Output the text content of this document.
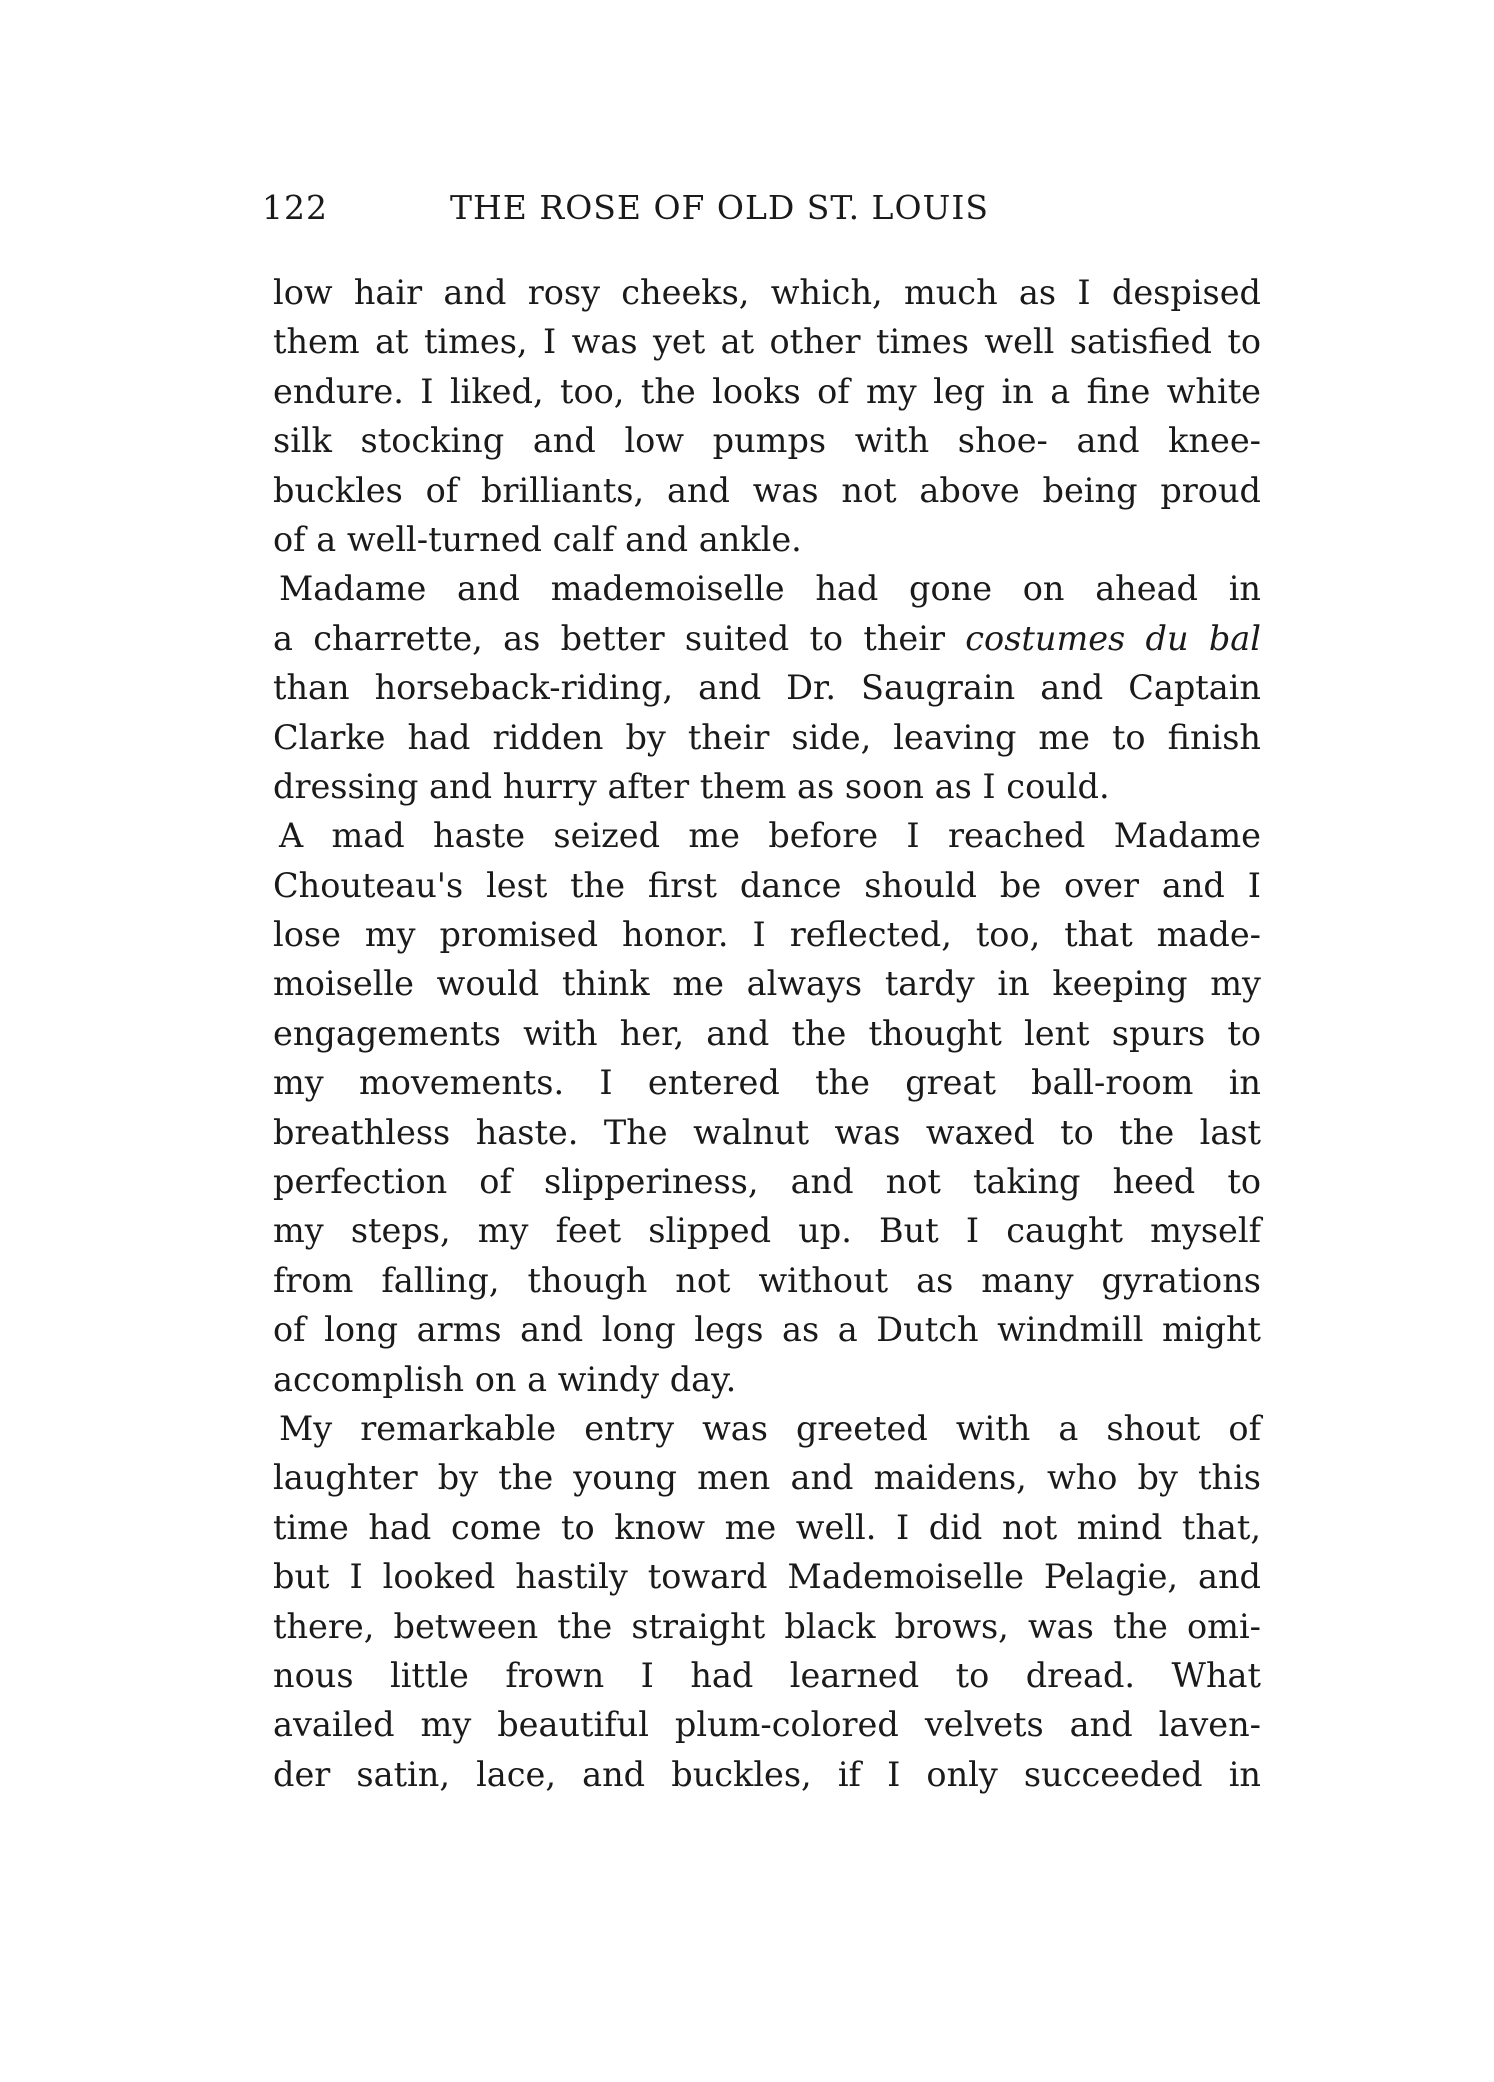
122	THE ROSE OF OLD ST. LOUIS
low hair and rosy cheeks, which, much as I despised
them at times, I was yet at other times well satisfied to
endure. I liked, too, the looks of my leg in a fine white
silk stocking and low pumps with shoe- and knee-
buckles of brilliants, and was not above being proud
of a well-turned calf and ankle.
Madame and mademoiselle had gone on ahead in
a charrette, as better suited to their costumes du bal
than horseback-riding, and Dr. Saugrain and Captain
Clarke had ridden by their side, leaving me to finish
dressing and hurry after them as soon as I could.
A mad haste seized me before I reached Madame
Chouteau's lest the first dance should be over and I
lose my promised honor. I reflected, too, that made-
moiselle would think me always tardy in keeping my
engagements with her, and the thought lent spurs to
my movements. I entered the great ball-room in
breathless haste. The walnut was waxed to the last
perfection of slipperiness, and not taking heed to
my steps, my feet slipped up. But I caught myself
from falling, though not without as many gyrations
of long arms and long legs as a Dutch windmill might
accomplish on a windy day.
My remarkable entry was greeted with a shout of
laughter by the young men and maidens, who by this
time had come to know me well. I did not mind that,
but I looked hastily toward Mademoiselle Pelagie, and
there, between the straight black brows, was the omi-
nous little frown I had learned to dread. What
availed my beautiful plum-colored velvets and laven-
der satin, lace, and buckles, if I only succeeded in
